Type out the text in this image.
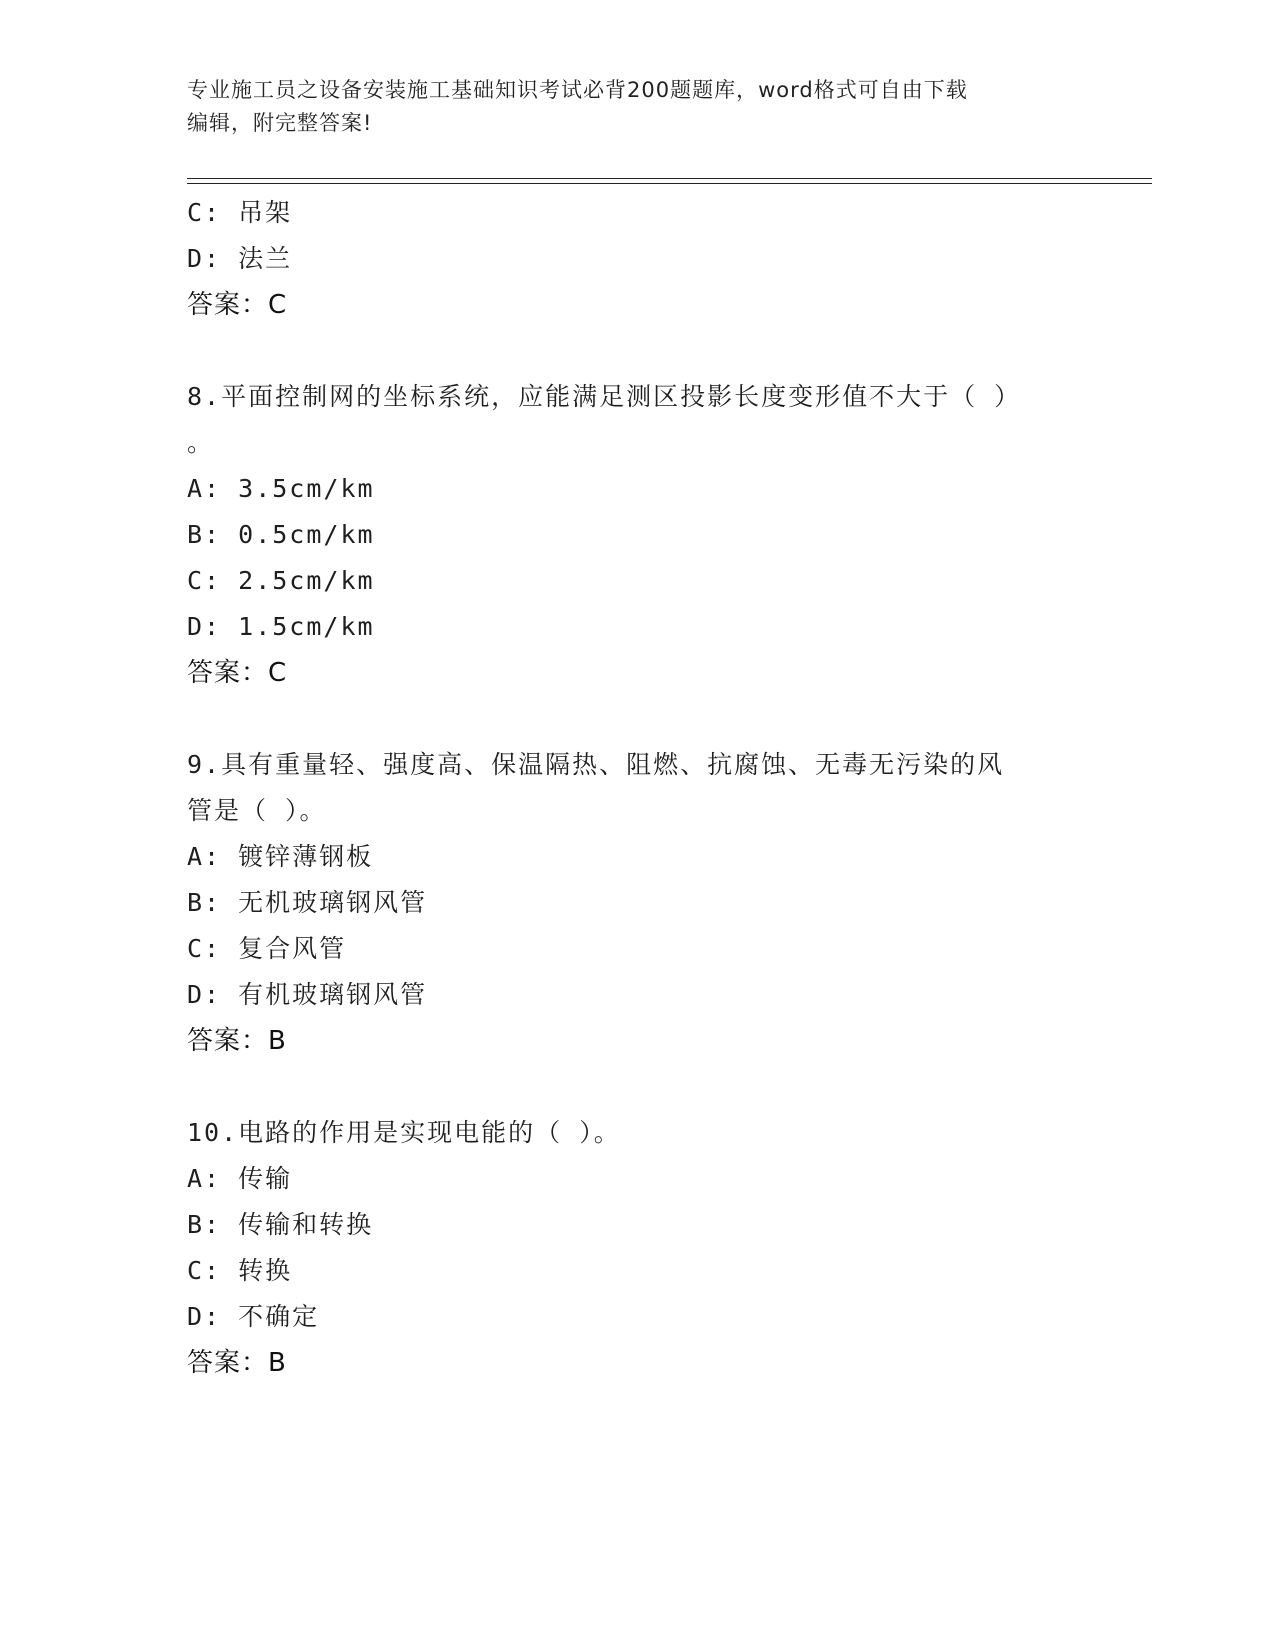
专业施工员之设备安装施工基础知识考试必背200题题库，word格式可自由下载
编辑，附完整答案!
C: 吊架
D: 法兰
答案：C
8.平面控制网的坐标系统，应能满足测区投影长度变形值不大于（ ）
。
A: 3.5cm/km
B: 0.5cm/km
C: 2.5cm/km
D: 1.5cm/km
答案：C
9.具有重量轻、强度高、保温隔热、阻燃、抗腐蚀、无毒无污染的风
管是（ ）。
A: 镀锌薄钢板
B: 无机玻璃钢风管
C: 复合风管
D: 有机玻璃钢风管
答案：B
10.电路的作用是实现电能的（ ）。
A: 传输
B: 传输和转换
C: 转换
D: 不确定
答案：B
